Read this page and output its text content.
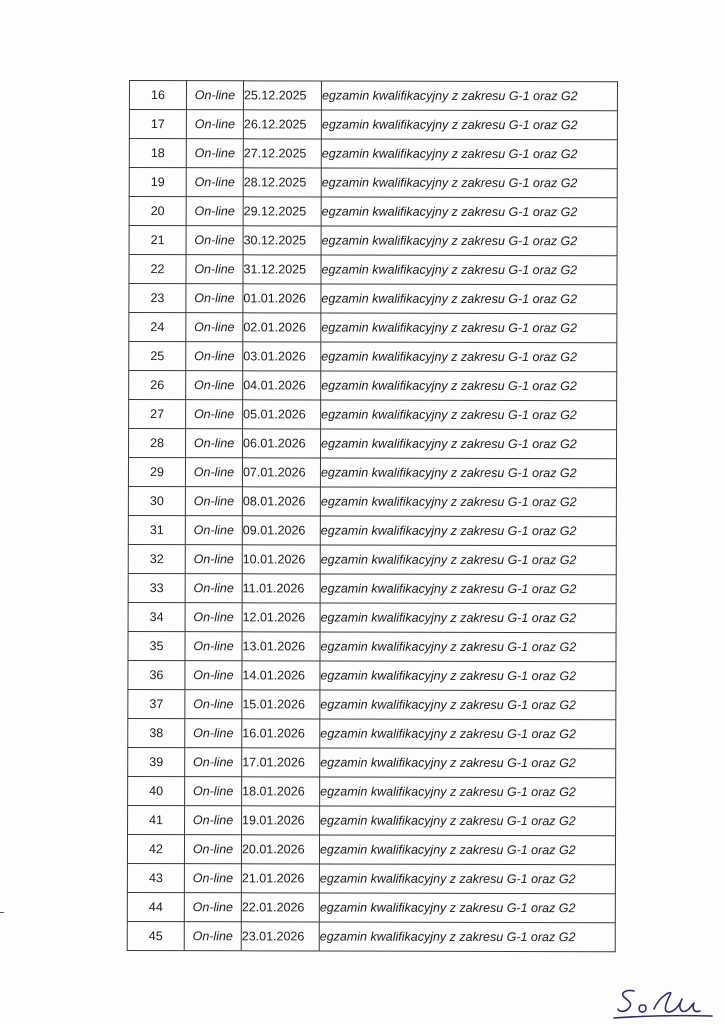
16	On-line	25.12.2025	egzamin kwalifikacyjny z zakresu G-1 oraz G2
17	On-line	26.12.2025	egzamin kwalifikacyjny z zakresu G-1 oraz G2
18	On-line	27.12.2025	egzamin kwalifikacyjny z zakresu G-1 oraz G2
19	On-line	28.12.2025	egzamin kwalifikacyjny z zakresu G-1 oraz G2
20	On-line	29.12.2025	egzamin kwalifikacyjny z zakresu G-1 oraz G2
21	On-line	30.12.2025	egzamin kwalifikacyjny z zakresu G-1 oraz G2
22	On-line	31.12.2025	egzamin kwalifikacyjny z zakresu G-1 oraz G2
23	On-line	01.01.2026	egzamin kwalifikacyjny z zakresu G-1 oraz G2
24	On-line	02.01.2026	egzamin kwalifikacyjny z zakresu G-1 oraz G2
25	On-line	03.01.2026	egzamin kwalifikacyjny z zakresu G-1 oraz G2
26	On-line	04.01.2026	egzamin kwalifikacyjny z zakresu G-1 oraz G2
27	On-line	05.01.2026	egzamin kwalifikacyjny z zakresu G-1 oraz G2
28	On-line	06.01.2026	egzamin kwalifikacyjny z zakresu G-1 oraz G2
29	On-line	07.01.2026	egzamin kwalifikacyjny z zakresu G-1 oraz G2
30	On-line	08.01.2026	egzamin kwalifikacyjny z zakresu G-1 oraz G2
31	On-line	09.01.2026	egzamin kwalifikacyjny z zakresu G-1 oraz G2
32	On-line	10.01.2026	egzamin kwalifikacyjny z zakresu G-1 oraz G2
33	On-line	11.01.2026	egzamin kwalifikacyjny z zakresu G-1 oraz G2
34	On-line	12.01.2026	egzamin kwalifikacyjny z zakresu G-1 oraz G2
35	On-line	13.01.2026	egzamin kwalifikacyjny z zakresu G-1 oraz G2
36	On-line	14.01.2026	egzamin kwalifikacyjny z zakresu G-1 oraz G2
37	On-line	15.01.2026	egzamin kwalifikacyjny z zakresu G-1 oraz G2
38	On-line	16.01.2026	egzamin kwalifikacyjny z zakresu G-1 oraz G2
39	On-line	17.01.2026	egzamin kwalifikacyjny z zakresu G-1 oraz G2
40	On-line	18.01.2026	egzamin kwalifikacyjny z zakresu G-1 oraz G2
41	On-line	19.01.2026	egzamin kwalifikacyjny z zakresu G-1 oraz G2
42	On-line	20.01.2026	egzamin kwalifikacyjny z zakresu G-1 oraz G2
43	On-line	21.01.2026	egzamin kwalifikacyjny z zakresu G-1 oraz G2
44	On-line	22.01.2026	egzamin kwalifikacyjny z zakresu G-1 oraz G2
45	On-line	23.01.2026	egzamin kwalifikacyjny z zakresu G-1 oraz G2
